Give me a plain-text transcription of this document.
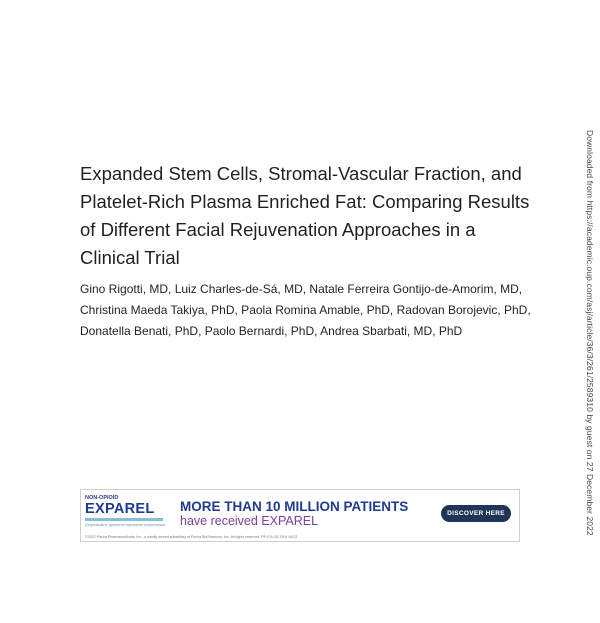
Expanded Stem Cells, Stromal-Vascular Fraction, and Platelet-Rich Plasma Enriched Fat: Comparing Results of Different Facial Rejuvenation Approaches in a Clinical Trial

Gino Rigotti, MD, Luiz Charles-de-Sá, MD, Natale Ferreira Gontijo-de-Amorim, MD, Christina Maeda Takiya, PhD, Paola Romina Amable, PhD, Radovan Borojevic, PhD, Donatella Benati, PhD, Paolo Bernardi, PhD, Andrea Sbarbati, MD, PhD	Downloaded from https://academic.oup.com/asj/article/36/3/261/2589310 by guest on 27 December 2022
NON-OPIOID
EXPAREL
(bupivacaine liposome injectable suspension)
MORE THAN 10 MILLION PATIENTS
have received EXPAREL
DISCOVER HERE
©2022 Pacira Pharmaceuticals, Inc., a wholly owned subsidiary of Pacira BioSciences, Inc. All rights reserved. PP-EX-US-7904 04/22
